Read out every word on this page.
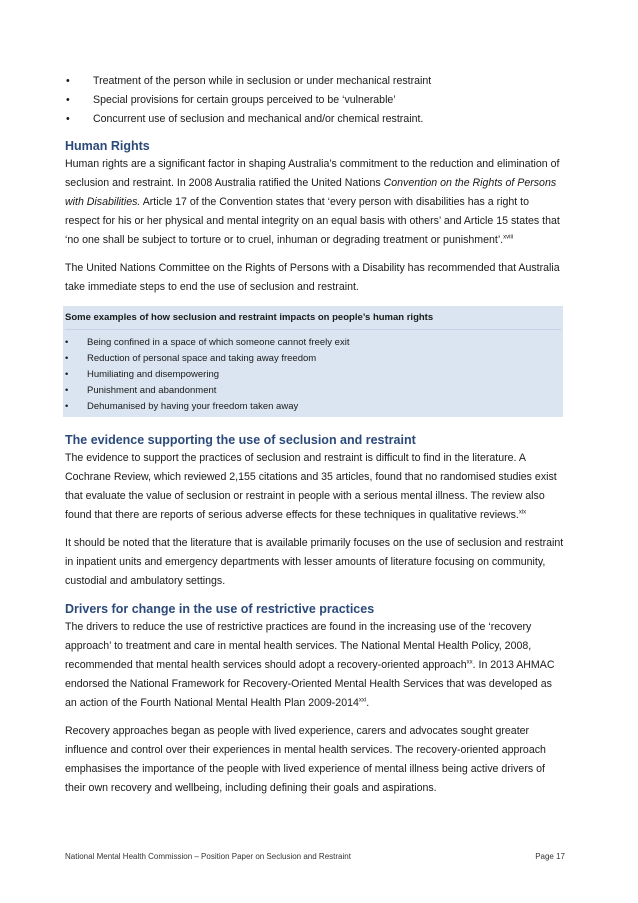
• Treatment of the person while in seclusion or under mechanical restraint
• Special provisions for certain groups perceived to be ‘vulnerable’
• Concurrent use of seclusion and mechanical and/or chemical restraint.
Human Rights

Human rights are a significant factor in shaping Australia’s commitment to the reduction and elimination of seclusion and restraint. In 2008 Australia ratified the United Nations Convention on the Rights of Persons with Disabilities. Article 17 of the Convention states that ‘every person with disabilities has a right to respect for his or her physical and mental integrity on an equal basis with others’ and Article 15 states that ‘no one shall be subject to torture or to cruel, inhuman or degrading treatment or punishment’.$^{xviii}$

The United Nations Committee on the Rights of Persons with a Disability has recommended that Australia take immediate steps to end the use of seclusion and restraint.

Some examples of how seclusion and restraint impacts on people’s human rights
• Being confined in a space of which someone cannot freely exit
• Reduction of personal space and taking away freedom
• Humiliating and disempowering
• Punishment and abandonment
• Dehumanised by having your freedom taken away
The evidence supporting the use of seclusion and restraint

The evidence to support the practices of seclusion and restraint is difficult to find in the literature. A Cochrane Review, which reviewed 2,155 citations and 35 articles, found that no randomised studies exist that evaluate the value of seclusion or restraint in people with a serious mental illness. The review also found that there are reports of serious adverse effects for these techniques in qualitative reviews.$^{xix}$

It should be noted that the literature that is available primarily focuses on the use of seclusion and restraint in inpatient units and emergency departments with lesser amounts of literature focusing on community, custodial and ambulatory settings.

Drivers for change in the use of restrictive practices

The drivers to reduce the use of restrictive practices are found in the increasing use of the ‘recovery approach’ to treatment and care in mental health services. The National Mental Health Policy, 2008, recommended that mental health services should adopt a recovery-oriented approach$^{xx}$. In 2013 AHMAC endorsed the National Framework for Recovery-Oriented Mental Health Services that was developed as an action of the Fourth National Mental Health Plan 2009-2014$^{xxi}$.

Recovery approaches began as people with lived experience, carers and advocates sought greater influence and control over their experiences in mental health services. The recovery-oriented approach emphasises the importance of the people with lived experience of mental illness being active drivers of their own recovery and wellbeing, including defining their goals and aspirations.

National Mental Health Commission – Position Paper on Seclusion and Restraint	Page 17
